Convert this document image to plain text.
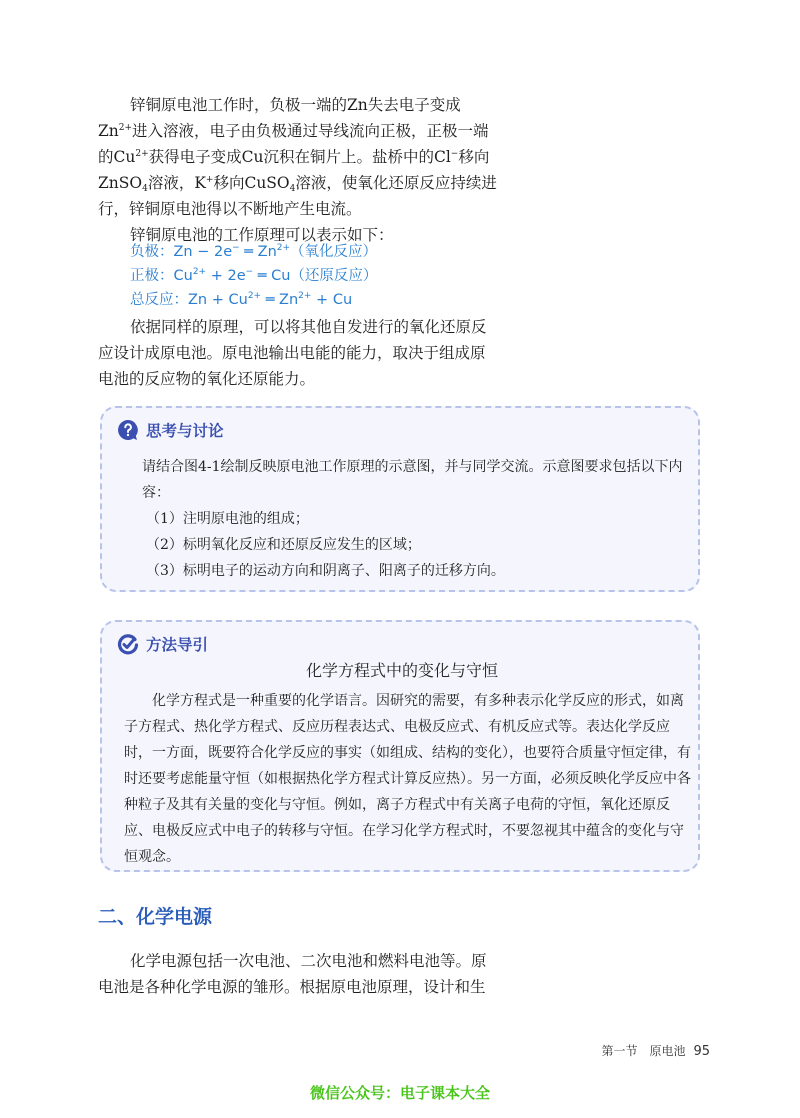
锌铜原电池工作时，负极一端的Zn失去电子变成$Zn^{2+}$进入溶液，电子由负极通过导线流向正极，正极一端的$Cu^{2+}$获得电子变成Cu沉积在铜片上。盐桥中的Cl−移向ZnSO$_4$溶液，K+移向CuSO$_4$溶液，使氧化还原反应持续进行，锌铜原电池得以不断地产生电流。

锌铜原电池的工作原理可以表示如下：

负极：Zn − 2e− ═ $Zn^{2+}$（氧化反应）
正极：$Cu^{2+} + 2e^-$ ═ Cu（还原反应）
总反应：$Zn + Cu^{2+}$ ═ $Zn^{2+} + Cu$

依据同样的原理，可以将其他自发进行的氧化还原反应设计成原电池。原电池输出电能的能力，取决于组成原电池的反应物的氧化还原能力。

思考与讨论

请结合图4-1绘制反映原电池工作原理的示意图，并与同学交流。示意图要求包括以下内容：

（1）注明原电池的组成；

（2）标明氧化反应和还原反应发生的区域；

（3）标明电子的运动方向和阴离子、阳离子的迁移方向。

方法导引
化学方程式中的变化与守恒

化学方程式是一种重要的化学语言。因研究的需要，有多种表示化学反应的形式，如离子方程式、热化学方程式、反应历程表达式、电极反应式、有机反应式等。表达化学反应时，一方面，既要符合化学反应的事实（如组成、结构的变化），也要符合质量守恒定律，有时还要考虑能量守恒（如根据热化学方程式计算反应热）。另一方面，必须反映化学反应中各种粒子及其有关量的变化与守恒。例如，离子方程式中有关离子电荷的守恒，氧化还原反应、电极反应式中电子的转移与守恒。在学习化学方程式时，不要忽视其中蕴含的变化与守恒观念。

二、化学电源

化学电源包括一次电池、二次电池和燃料电池等。原电池是各种化学电源的雏形。根据原电池原理，设计和生

第一节　原电池 95
微信公众号：电子课本大全
